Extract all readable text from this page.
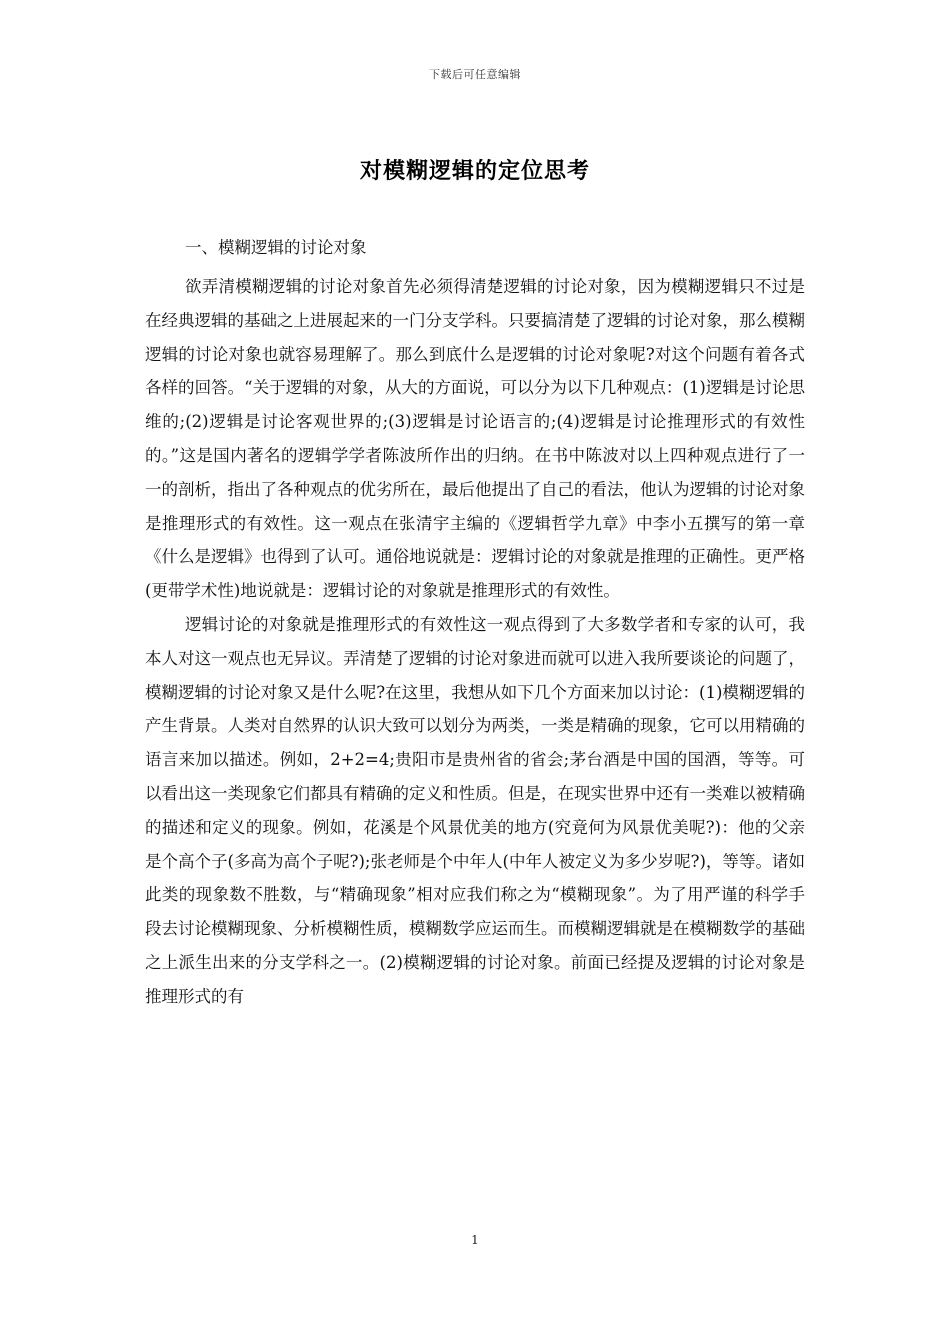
下载后可任意编辑
对模糊逻辑的定位思考
一、模糊逻辑的讨论对象

欲弄清模糊逻辑的讨论对象首先必须得清楚逻辑的讨论对象，因为模糊逻辑只不过是在经典逻辑的基础之上进展起来的一门分支学科。只要搞清楚了逻辑的讨论对象，那么模糊逻辑的讨论对象也就容易理解了。那么到底什么是逻辑的讨论对象呢?对这个问题有着各式各样的回答。“关于逻辑的对象，从大的方面说，可以分为以下几种观点：(1)逻辑是讨论思维的;(2)逻辑是讨论客观世界的;(3)逻辑是讨论语言的;(4)逻辑是讨论推理形式的有效性的。”这是国内著名的逻辑学学者陈波所作出的归纳。在书中陈波对以上四种观点进行了一一的剖析，指出了各种观点的优劣所在，最后他提出了自己的看法，他认为逻辑的讨论对象是推理形式的有效性。这一观点在张清宇主编的《逻辑哲学九章》中李小五撰写的第一章《什么是逻辑》也得到了认可。通俗地说就是：逻辑讨论的对象就是推理的正确性。更严格(更带学术性)地说就是：逻辑讨论的对象就是推理形式的有效性。

逻辑讨论的对象就是推理形式的有效性这一观点得到了大多数学者和专家的认可，我本人对这一观点也无异议。弄清楚了逻辑的讨论对象进而就可以进入我所要谈论的问题了，模糊逻辑的讨论对象又是什么呢?在这里，我想从如下几个方面来加以讨论：(1)模糊逻辑的产生背景。人类对自然界的认识大致可以划分为两类，一类是精确的现象，它可以用精确的语言来加以描述。例如，2+2=4;贵阳市是贵州省的省会;茅台酒是中国的国酒，等等。可以看出这一类现象它们都具有精确的定义和性质。但是，在现实世界中还有一类难以被精确的描述和定义的现象。例如，花溪是个风景优美的地方(究竟何为风景优美呢?)：他的父亲是个高个子(多高为高个子呢?);张老师是个中年人(中年人被定义为多少岁呢?)，等等。诸如此类的现象数不胜数，与“精确现象”相对应我们称之为“模糊现象”。为了用严谨的科学手段去讨论模糊现象、分析模糊性质，模糊数学应运而生。而模糊逻辑就是在模糊数学的基础之上派生出来的分支学科之一。(2)模糊逻辑的讨论对象。前面已经提及逻辑的讨论对象是推理形式的有

1
